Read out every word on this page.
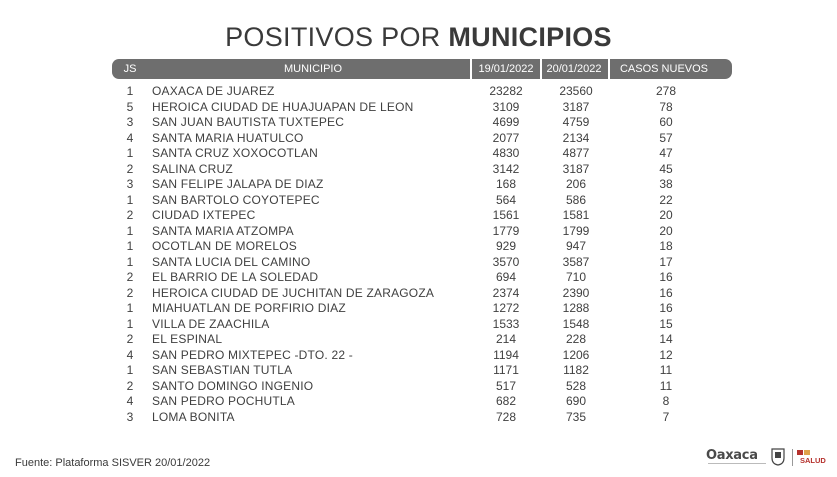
POSITIVOS POR MUNICIPIOS
JS	MUNICIPIO	19/01/2022	20/01/2022	CASOS NUEVOS
1	OAXACA DE JUAREZ	23282	23560	278
5	HEROICA CIUDAD DE HUAJUAPAN DE LEON	3109	3187	78
3	SAN JUAN BAUTISTA TUXTEPEC	4699	4759	60
4	SANTA MARIA HUATULCO	2077	2134	57
1	SANTA CRUZ XOXOCOTLAN	4830	4877	47
2	SALINA CRUZ	3142	3187	45
3	SAN FELIPE JALAPA DE DIAZ	168	206	38
1	SAN BARTOLO COYOTEPEC	564	586	22
2	CIUDAD IXTEPEC	1561	1581	20
1	SANTA MARIA ATZOMPA	1779	1799	20
1	OCOTLAN DE MORELOS	929	947	18
1	SANTA LUCIA DEL CAMINO	3570	3587	17
2	EL BARRIO DE LA SOLEDAD	694	710	16
2	HEROICA CIUDAD DE JUCHITAN DE ZARAGOZA	2374	2390	16
1	MIAHUATLAN DE PORFIRIO DIAZ	1272	1288	16
1	VILLA DE ZAACHILA	1533	1548	15
2	EL ESPINAL	214	228	14
4	SAN PEDRO MIXTEPEC -DTO. 22 -	1194	1206	12
1	SAN SEBASTIAN TUTLA	1171	1182	11
2	SANTO DOMINGO INGENIO	517	528	11
4	SAN PEDRO POCHUTLA	682	690	8
3	LOMA BONITA	728	735	7
Fuente: Plataforma SISVER 20/01/2022	Oaxaca	SALUD
